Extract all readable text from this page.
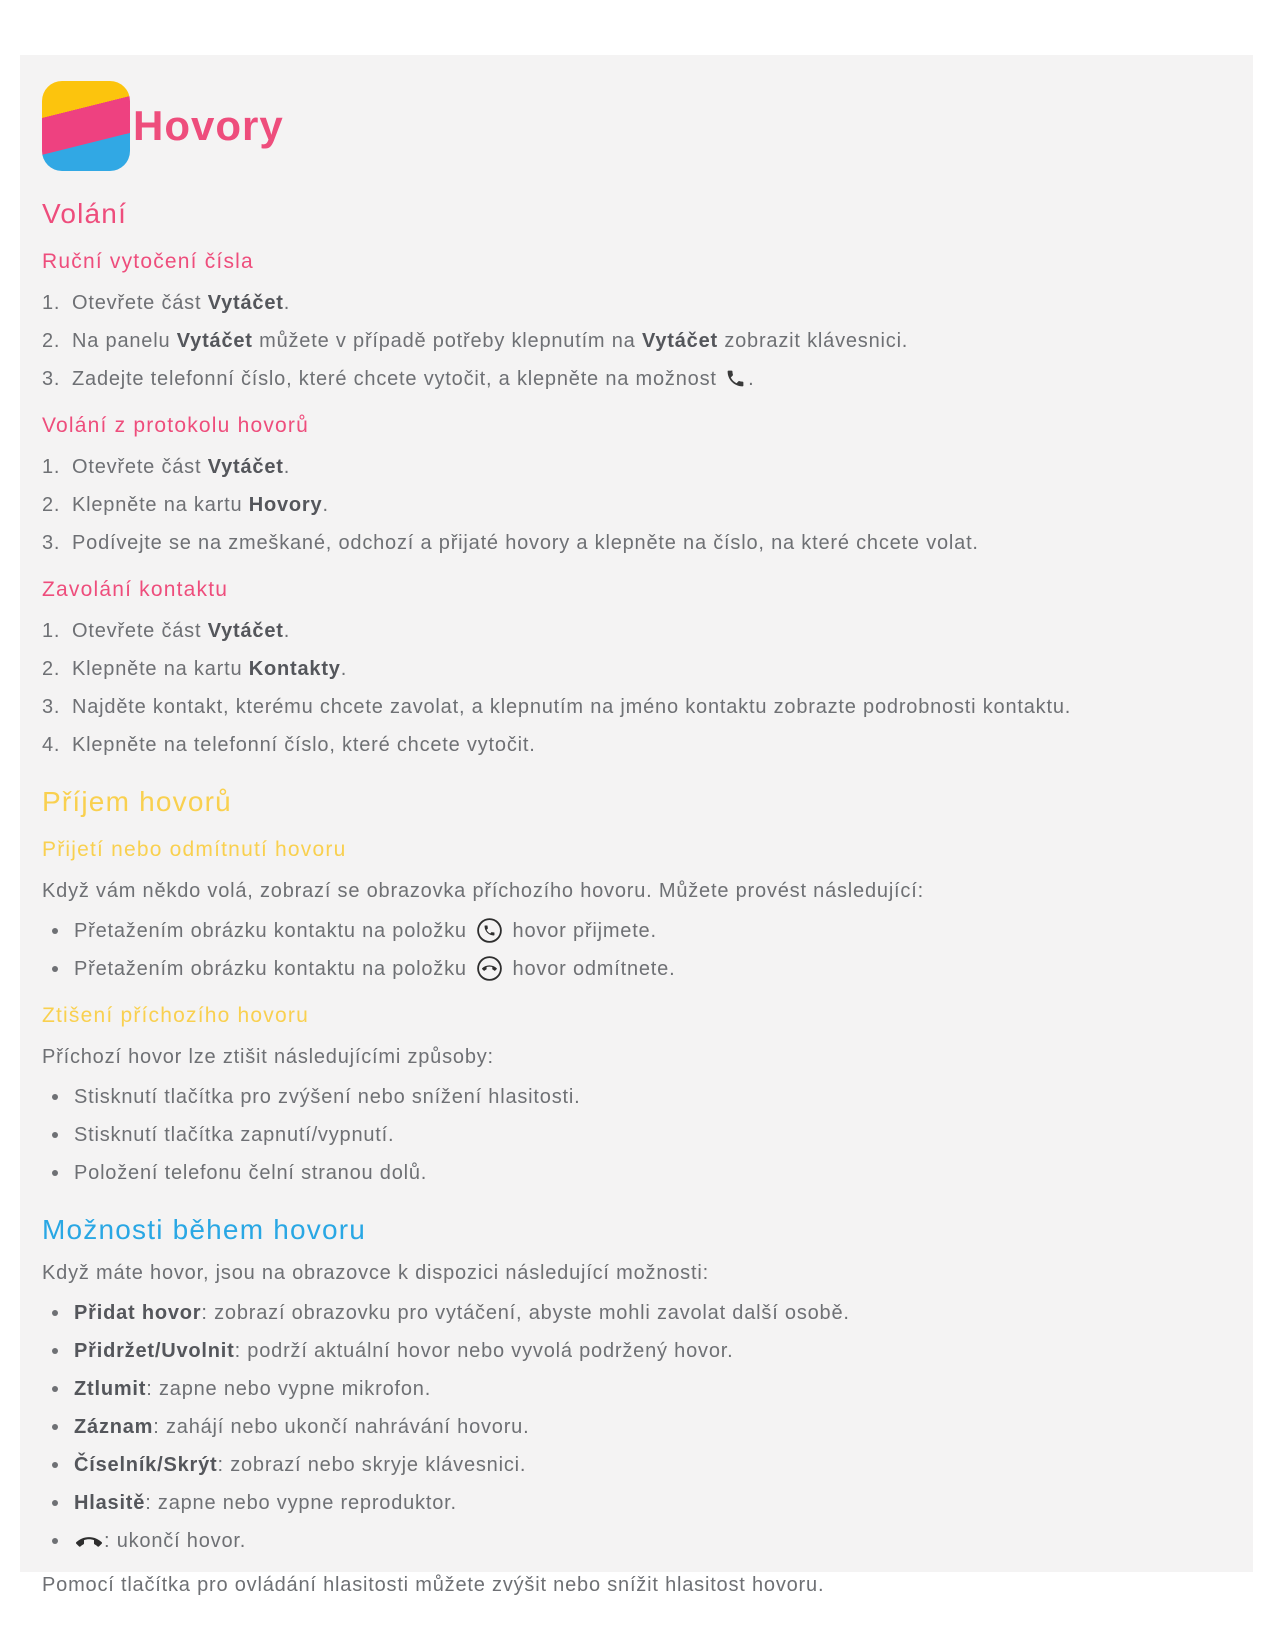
Hovory
Volání
Ruční vytočení čísla
1. Otevřete část Vytáčet.
2. Na panelu Vytáčet můžete v případě potřeby klepnutím na Vytáčet zobrazit klávesnici.
3. Zadejte telefonní číslo, které chcete vytočit, a klepněte na možnost .
Volání z protokolu hovorů
1. Otevřete část Vytáčet.
2. Klepněte na kartu Hovory.
3. Podívejte se na zmeškané, odchozí a přijaté hovory a klepněte na číslo, na které chcete volat.
Zavolání kontaktu
1. Otevřete část Vytáčet.
2. Klepněte na kartu Kontakty.
3. Najděte kontakt, kterému chcete zavolat, a klepnutím na jméno kontaktu zobrazte podrobnosti kontaktu.
4. Klepněte na telefonní číslo, které chcete vytočit.
Příjem hovorů
Přijetí nebo odmítnutí hovoru

Když vám někdo volá, zobrazí se obrazovka příchozího hovoru. Můžete provést následující:

Přetažením obrázku kontaktu na položku  hovor přijmete.
Přetažením obrázku kontaktu na položku  hovor odmítnete.
Ztišení příchozího hovoru

Příchozí hovor lze ztišit následujícími způsoby:

Stisknutí tlačítka pro zvýšení nebo snížení hlasitosti.
Stisknutí tlačítka zapnutí/vypnutí.
Položení telefonu čelní stranou dolů.
Možnosti během hovoru

Když máte hovor, jsou na obrazovce k dispozici následující možnosti:

Přidat hovor: zobrazí obrazovku pro vytáčení, abyste mohli zavolat další osobě.
Přidržet/Uvolnit: podrží aktuální hovor nebo vyvolá podržený hovor.
Ztlumit: zapne nebo vypne mikrofon.
Záznam: zahájí nebo ukončí nahrávání hovoru.
Číselník/Skrýt: zobrazí nebo skryje klávesnici.
Hlasitě: zapne nebo vypne reproduktor.
: ukončí hovor.

Pomocí tlačítka pro ovládání hlasitosti můžete zvýšit nebo snížit hlasitost hovoru.
